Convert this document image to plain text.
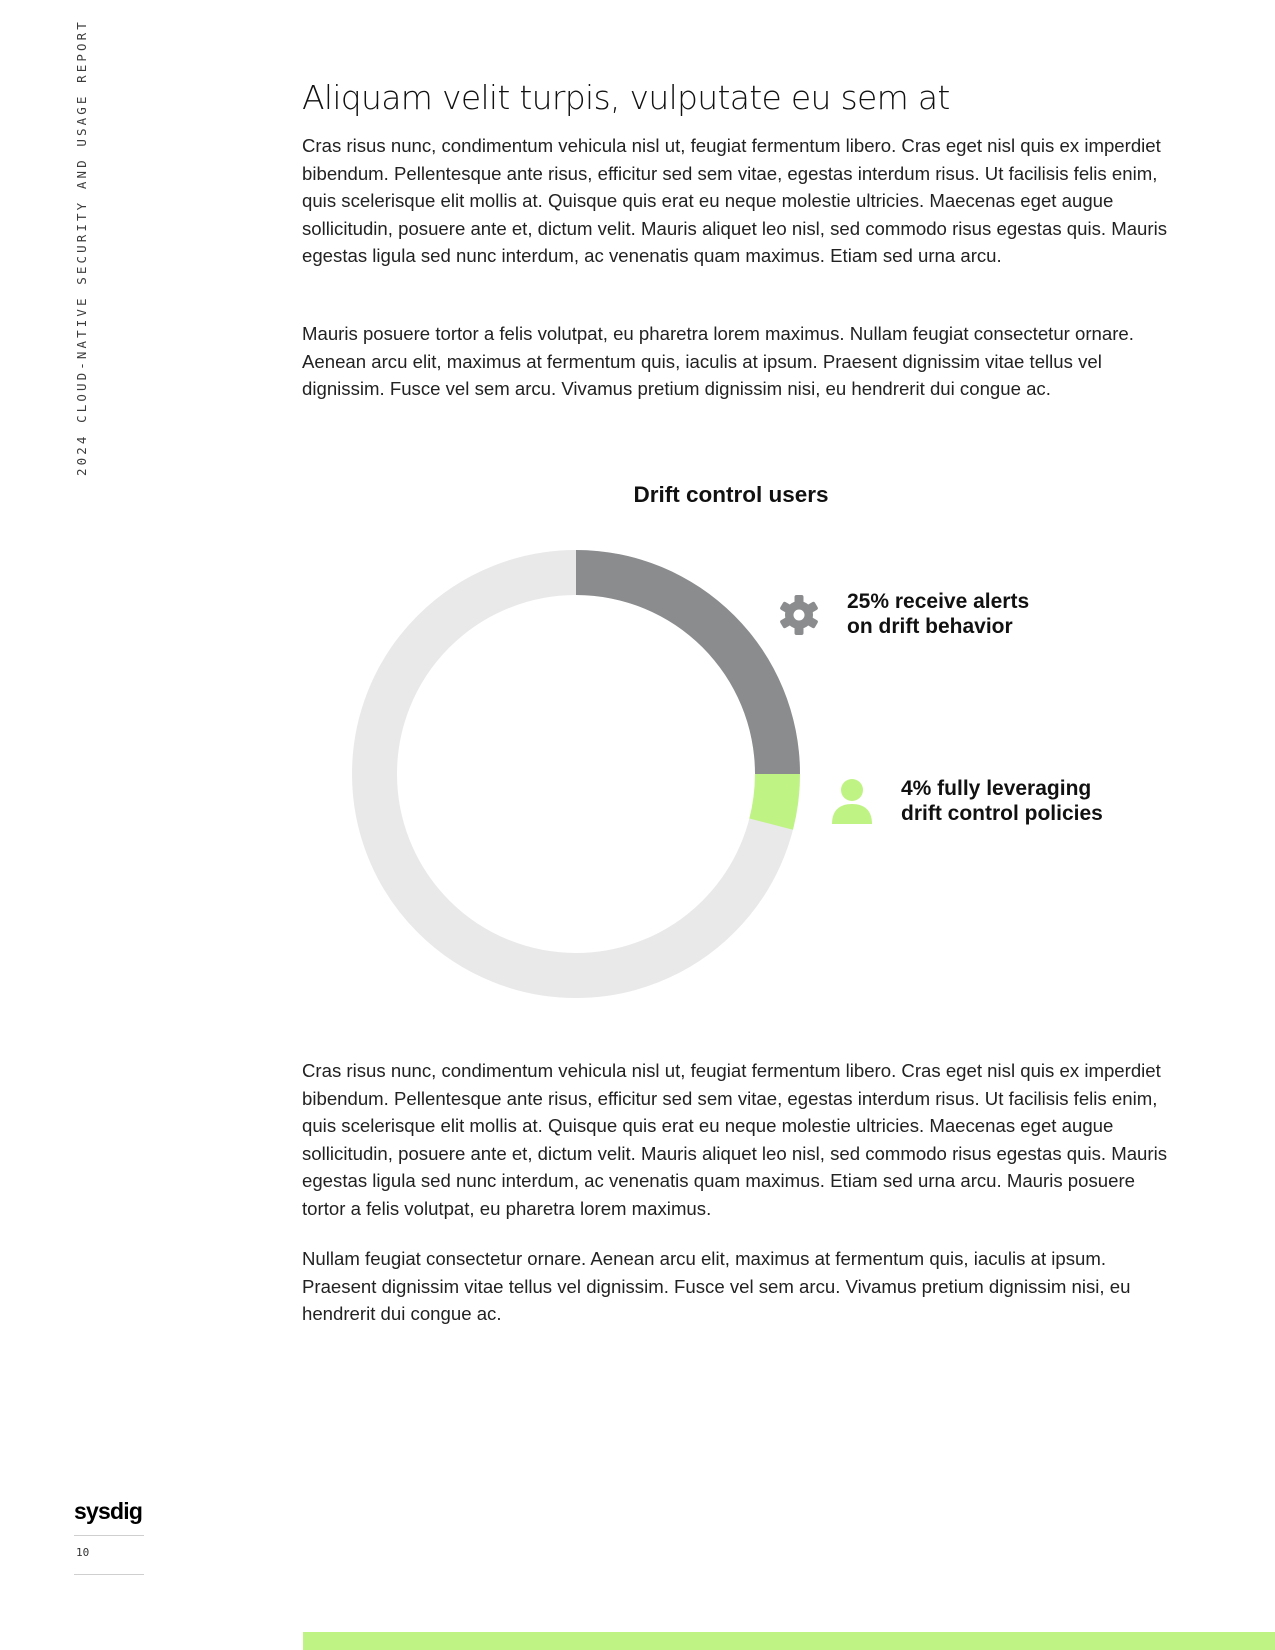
2024 CLOUD-NATIVE SECURITY AND USAGE REPORT	Aliquam velit turpis, vulputate eu sem at

Cras risus nunc, condimentum vehicula nisl ut, feugiat fermentum libero. Cras eget nisl quis ex imperdiet bibendum. Pellentesque ante risus, efficitur sed sem vitae, egestas interdum risus. Ut facilisis felis enim, quis scelerisque elit mollis at. Quisque quis erat eu neque molestie ultricies. Maecenas eget augue sollicitudin, posuere ante et, dictum velit. Mauris aliquet leo nisl, sed commodo risus egestas quis. Mauris egestas ligula sed nunc interdum, ac venenatis quam maximus. Etiam sed urna arcu.

Mauris posuere tortor a felis volutpat, eu pharetra lorem maximus. Nullam feugiat consectetur ornare. Aenean arcu elit, maximus at fermentum quis, iaculis at ipsum. Praesent dignissim vitae tellus vel dignissim. Fusce vel sem arcu. Vivamus pretium dignissim nisi, eu hendrerit dui congue ac.

Drift control users
25% receive alerts
on drift behavior
4% fully leveraging
drift control policies

Cras risus nunc, condimentum vehicula nisl ut, feugiat fermentum libero. Cras eget nisl quis ex imperdiet bibendum. Pellentesque ante risus, efficitur sed sem vitae, egestas interdum risus. Ut facilisis felis enim, quis scelerisque elit mollis at. Quisque quis erat eu neque molestie ultricies. Maecenas eget augue sollicitudin, posuere ante et, dictum velit. Mauris aliquet leo nisl, sed commodo risus egestas quis. Mauris egestas ligula sed nunc interdum, ac venenatis quam maximus. Etiam sed urna arcu. Mauris posuere tortor a felis volutpat, eu pharetra lorem maximus.

Nullam feugiat consectetur ornare. Aenean arcu elit, maximus at fermentum quis, iaculis at ipsum. Praesent dignissim vitae tellus vel dignissim. Fusce vel sem arcu. Vivamus pretium dignissim nisi, eu hendrerit dui congue ac.

sysdig
10
